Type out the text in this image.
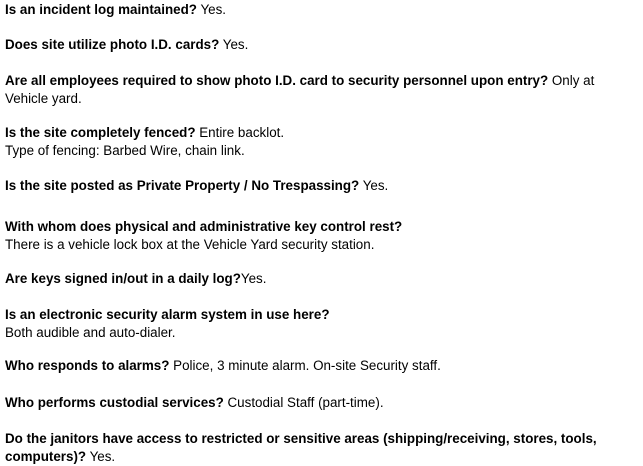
Is an incident log maintained? Yes.

Does site utilize photo I.D. cards? Yes.

Are all employees required to show photo I.D. card to security personnel upon entry? Only at Vehicle yard.

Is the site completely fenced? Entire backlot.
Type of fencing: Barbed Wire, chain link.

Is the site posted as Private Property / No Trespassing? Yes.

With whom does physical and administrative key control rest?
There is a vehicle lock box at the Vehicle Yard security station.

Are keys signed in/out in a daily log?Yes.

Is an electronic security alarm system in use here?
Both audible and auto-dialer.

Who responds to alarms? Police, 3 minute alarm. On-site Security staff.

Who performs custodial services? Custodial Staff (part-time).

Do the janitors have access to restricted or sensitive areas (shipping/receiving, stores, tools, computers)? Yes.
